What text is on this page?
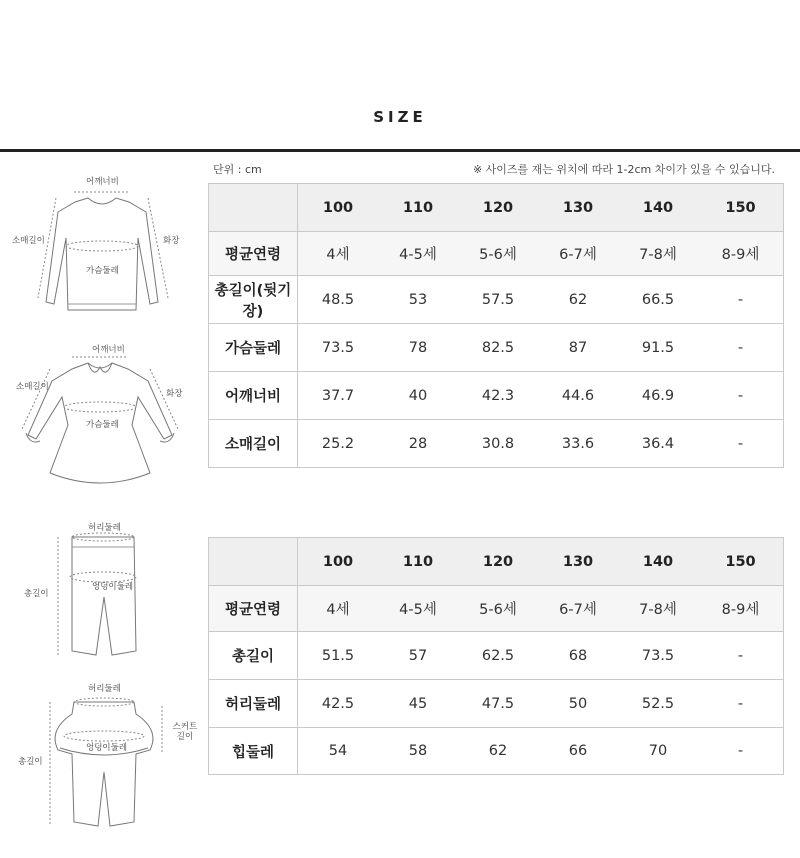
SIZE
단위 : cm	※ 사이즈를 재는 위치에 따라 1-2cm 차이가 있을 수 있습니다.
	100	110	120	130	140	150
평균연령	4세	4-5세	5-6세	6-7세	7-8세	8-9세
총길이(뒷기장)	48.5	53	57.5	62	66.5	-
가슴둘레	73.5	78	82.5	87	91.5	-
어깨너비	37.7	40	42.3	44.6	46.9	-
소매길이	25.2	28	30.8	33.6	36.4	-
	100	110	120	130	140	150
평균연령	4세	4-5세	5-6세	6-7세	7-8세	8-9세
총길이	51.5	57	62.5	68	73.5	-
허리둘레	42.5	45	47.5	50	52.5	-
힙둘레	54	58	62	66	70	-
어깨너비
소매길이	화장
가슴둘레
어깨너비
소매길이
화장
가슴둘레
허리둘레
엉덩이둘레
총길이
허리둘레
엉덩이둘레
총길이
스커트 길이
